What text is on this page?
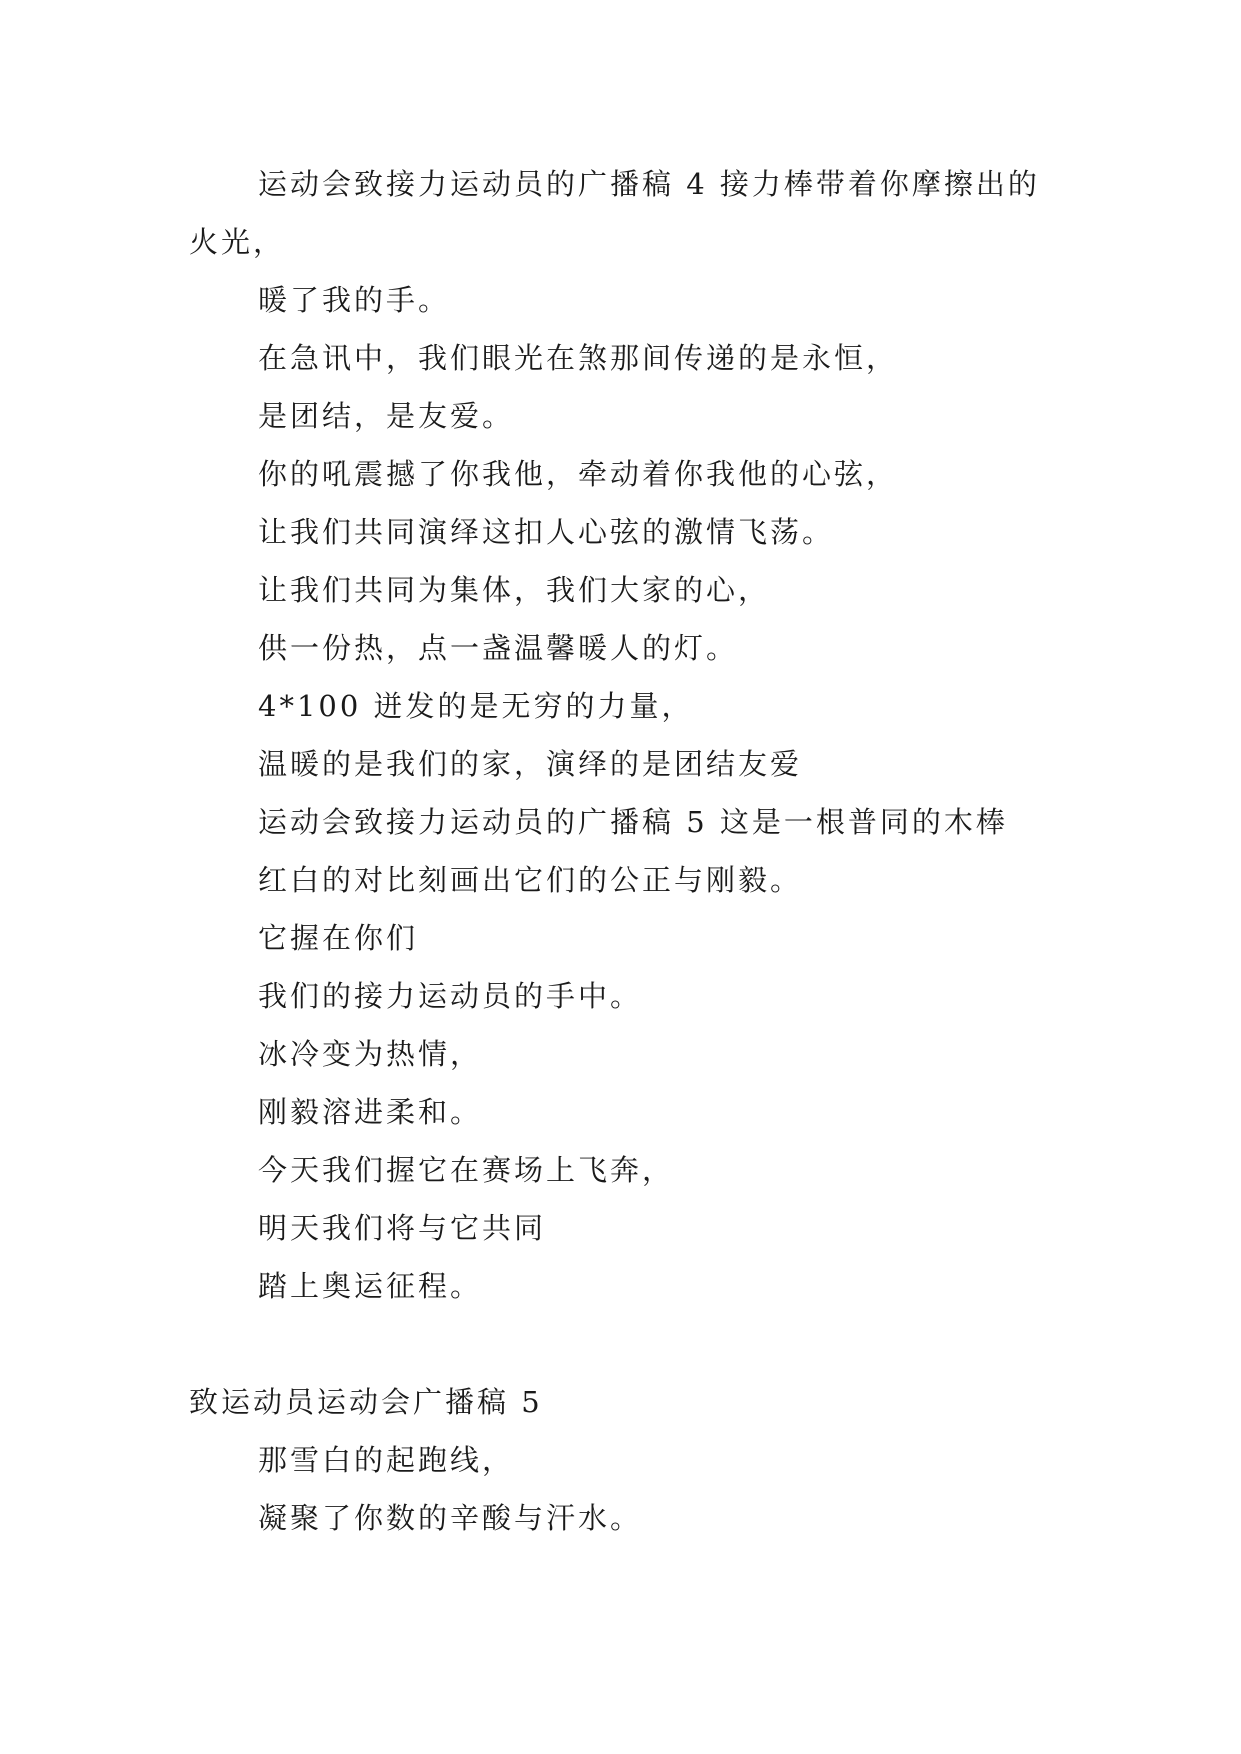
运动会致接力运动员的广播稿 4 接力棒带着你摩擦出的
火光，
暖了我的手。
在急讯中，我们眼光在煞那间传递的是永恒，
是团结，是友爱。
你的吼震撼了你我他，牵动着你我他的心弦，
让我们共同演绎这扣人心弦的激情飞荡。
让我们共同为集体，我们大家的心，
供一份热，点一盏温馨暖人的灯。
4*100 迸发的是无穷的力量，
温暖的是我们的家，演绎的是团结友爱
运动会致接力运动员的广播稿 5 这是一根普同的木棒
红白的对比刻画出它们的公正与刚毅。
它握在你们
我们的接力运动员的手中。
冰冷变为热情，
刚毅溶进柔和。
今天我们握它在赛场上飞奔，
明天我们将与它共同
踏上奥运征程。
致运动员运动会广播稿 5
那雪白的起跑线，
凝聚了你数的辛酸与汗水。
